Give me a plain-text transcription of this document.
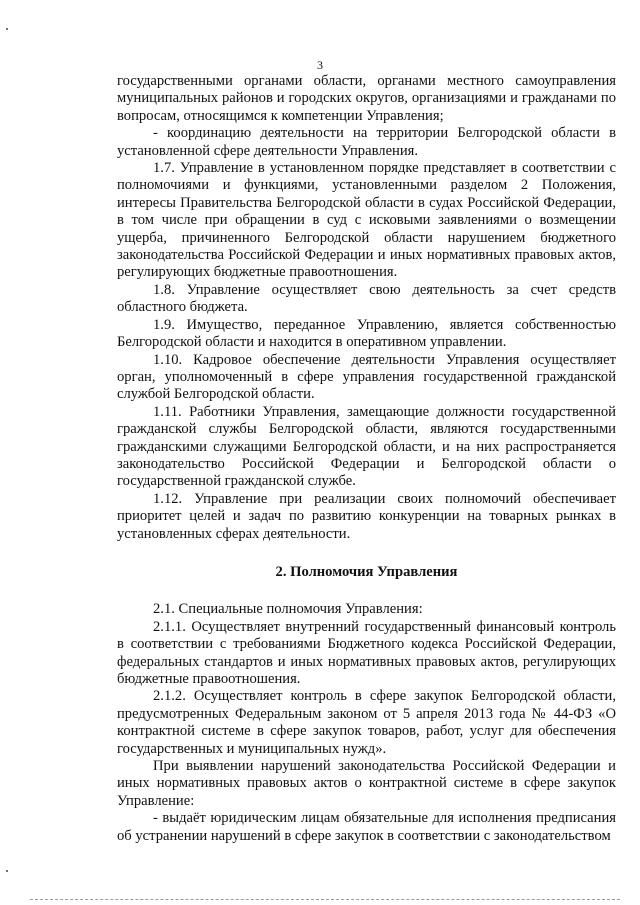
3

государственными органами области, органами местного самоуправления муниципальных районов и городских округов, организациями и гражданами по вопросам, относящимся к компетенции Управления;

- координацию деятельности на территории Белгородской области в установленной сфере деятельности Управления.

1.7. Управление в установленном порядке представляет в соответствии с полномочиями и функциями, установленными разделом 2 Положения, интересы Правительства Белгородской области в судах Российской Федерации, в том числе при обращении в суд с исковыми заявлениями о возмещении ущерба, причиненного Белгородской области нарушением бюджетного законодательства Российской Федерации и иных нормативных правовых актов, регулирующих бюджетные правоотношения.

1.8. Управление осуществляет свою деятельность за счет средств областного бюджета.

1.9. Имущество, переданное Управлению, является собственностью Белгородской области и находится в оперативном управлении.

1.10. Кадровое обеспечение деятельности Управления осуществляет орган, уполномоченный в сфере управления государственной гражданской службой Белгородской области.

1.11. Работники Управления, замещающие должности государственной гражданской службы Белгородской области, являются государственными гражданскими служащими Белгородской области, и на них распространяется законодательство Российской Федерации и Белгородской области о государственной гражданской службе.

1.12. Управление при реализации своих полномочий обеспечивает приоритет целей и задач по развитию конкуренции на товарных рынках в установленных сферах деятельности.

2. Полномочия Управления

2.1. Специальные полномочия Управления:

2.1.1. Осуществляет внутренний государственный финансовый контроль в соответствии с требованиями Бюджетного кодекса Российской Федерации, федеральных стандартов и иных нормативных правовых актов, регулирующих бюджетные правоотношения.

2.1.2. Осуществляет контроль в сфере закупок Белгородской области, предусмотренных Федеральным законом от 5 апреля 2013 года № 44-ФЗ «О контрактной системе в сфере закупок товаров, работ, услуг для обеспечения государственных и муниципальных нужд».

При выявлении нарушений законодательства Российской Федерации и иных нормативных правовых актов о контрактной системе в сфере закупок Управление:

- выдаёт юридическим лицам обязательные для исполнения предписания об устранении нарушений в сфере закупок в соответствии с законодательством
